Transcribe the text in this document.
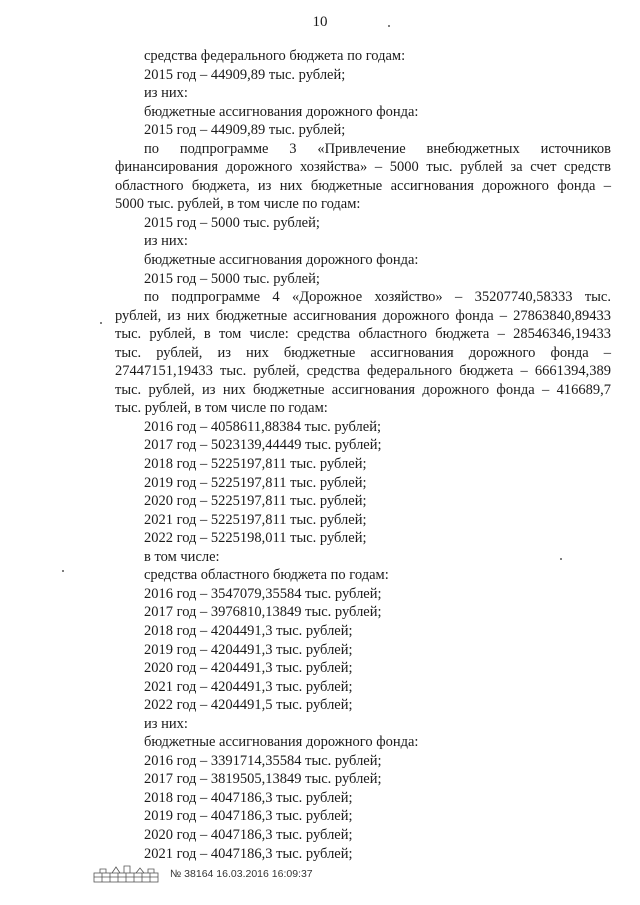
10
средства федерального бюджета по годам:
2015 год – 44909,89 тыс. рублей;
из них:
бюджетные ассигнования дорожного фонда:
2015 год – 44909,89 тыс. рублей;
по подпрограмме 3 «Привлечение внебюджетных источников
финансирования дорожного хозяйства» – 5000 тыс. рублей за счет средств
областного бюджета, из них бюджетные ассигнования дорожного фонда –
5000 тыс. рублей, в том числе по годам:
2015 год – 5000 тыс. рублей;
из них:
бюджетные ассигнования дорожного фонда:
2015 год – 5000 тыс. рублей;
по подпрограмме 4 «Дорожное хозяйство» – 35207740,58333 тыс.
рублей, из них бюджетные ассигнования дорожного фонда – 27863840,89433
тыс. рублей, в том числе: средства областного бюджета – 28546346,19433
тыс. рублей, из них бюджетные ассигнования дорожного фонда –
27447151,19433 тыс. рублей, средства федерального бюджета – 6661394,389
тыс. рублей, из них бюджетные ассигнования дорожного фонда – 416689,7
тыс. рублей, в том числе по годам:
2016 год – 4058611,88384 тыс. рублей;
2017 год – 5023139,44449 тыс. рублей;
2018 год – 5225197,811 тыс. рублей;
2019 год – 5225197,811 тыс. рублей;
2020 год – 5225197,811 тыс. рублей;
2021 год – 5225197,811 тыс. рублей;
2022 год – 5225198,011 тыс. рублей;
в том числе:
средства областного бюджета по годам:
2016 год – 3547079,35584 тыс. рублей;
2017 год – 3976810,13849 тыс. рублей;
2018 год – 4204491,3 тыс. рублей;
2019 год – 4204491,3 тыс. рублей;
2020 год – 4204491,3 тыс. рублей;
2021 год – 4204491,3 тыс. рублей;
2022 год – 4204491,5 тыс. рублей;
из них:
бюджетные ассигнования дорожного фонда:
2016 год – 3391714,35584 тыс. рублей;
2017 год – 3819505,13849 тыс. рублей;
2018 год – 4047186,3 тыс. рублей;
2019 год – 4047186,3 тыс. рублей;
2020 год – 4047186,3 тыс. рублей;
2021 год – 4047186,3 тыс. рублей;
№ 38164 16.03.2016 16:09:37
